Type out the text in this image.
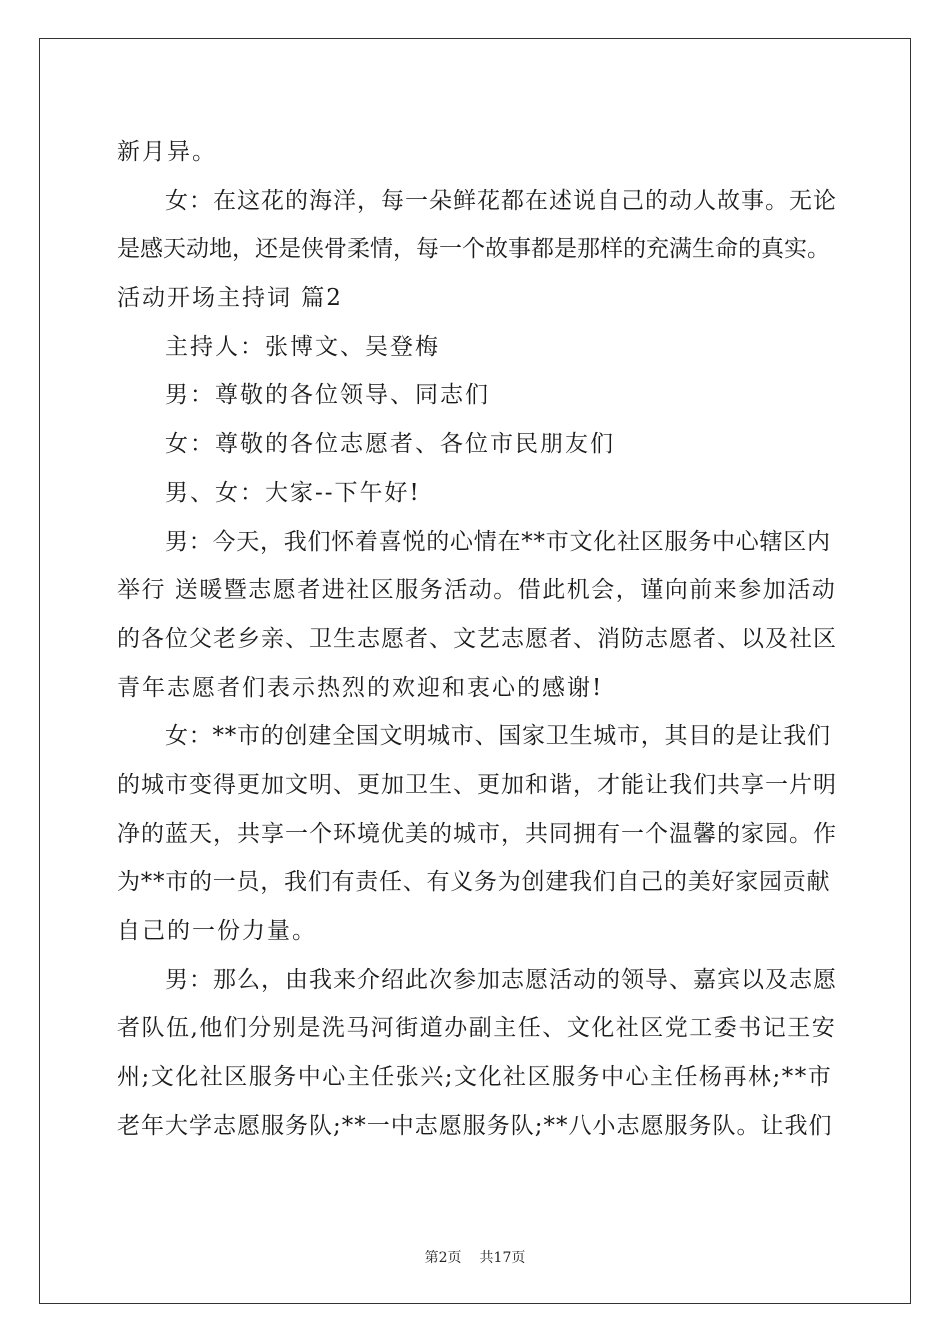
新月异。
女：在这花的海洋，每一朵鲜花都在述说自己的动人故事。无论
是感天动地，还是侠骨柔情，每一个故事都是那样的充满生命的真实。
活动开场主持词 篇2
主持人：张博文、吴登梅
男：尊敬的各位领导、同志们
女：尊敬的各位志愿者、各位市民朋友们
男、女：大家--下午好!
男：今天，我们怀着喜悦的心情在**市文化社区服务中心辖区内
举行 送暖暨志愿者进社区服务活动。借此机会，谨向前来参加活动
的各位父老乡亲、卫生志愿者、文艺志愿者、消防志愿者、以及社区
青年志愿者们表示热烈的欢迎和衷心的感谢!
女：**市的创建全国文明城市、国家卫生城市，其目的是让我们
的城市变得更加文明、更加卫生、更加和谐，才能让我们共享一片明
净的蓝天，共享一个环境优美的城市，共同拥有一个温馨的家园。作
为**市的一员，我们有责任、有义务为创建我们自己的美好家园贡献
自己的一份力量。
男：那么，由我来介绍此次参加志愿活动的领导、嘉宾以及志愿
者队伍,他们分别是洗马河街道办副主任、文化社区党工委书记王安
州;文化社区服务中心主任张兴;文化社区服务中心主任杨再林;**市
老年大学志愿服务队;**一中志愿服务队;**八小志愿服务队。让我们
第2页 共17页
